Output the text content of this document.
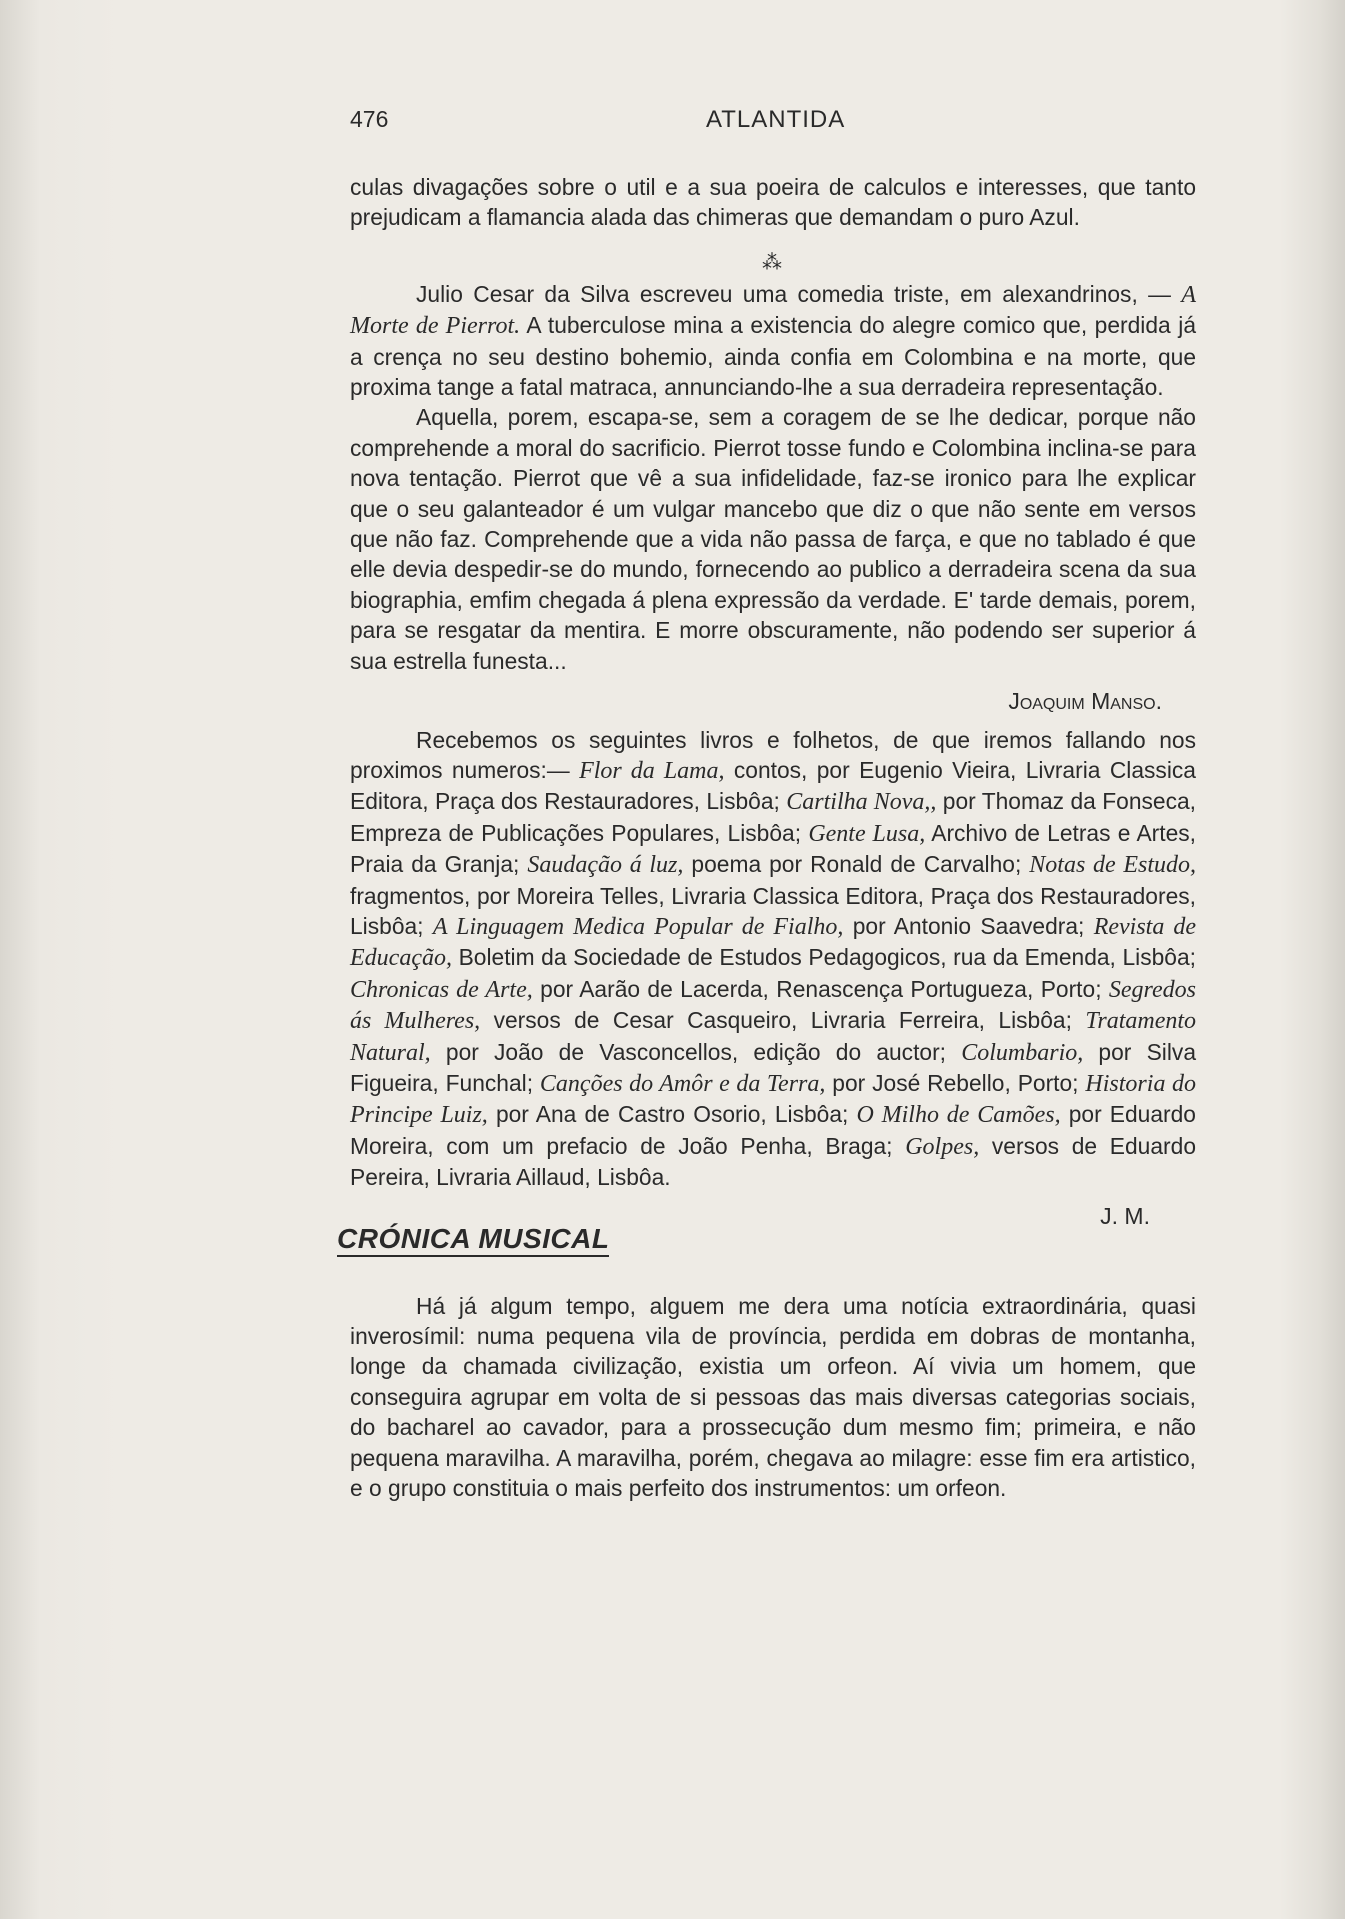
476	ATLANTIDA

culas divagações sobre o util e a sua poeira de calculos e interesses, que tanto prejudicam a flamancia alada das chimeras que demandam o puro Azul.

⁂

Julio Cesar da Silva escreveu uma comedia triste, em alexandrinos, — A Morte de Pierrot. A tuberculose mina a existencia do alegre comico que, perdida já a crença no seu destino bohemio, ainda confia em Colombina e na morte, que proxima tange a fatal matraca, annunciando-lhe a sua derradeira representação.

Aquella, porem, escapa-se, sem a coragem de se lhe dedicar, porque não comprehende a moral do sacrificio. Pierrot tosse fundo e Colombina inclina-se para nova tentação. Pierrot que vê a sua infidelidade, faz-se ironico para lhe explicar que o seu galanteador é um vulgar mancebo que diz o que não sente em versos que não faz. Comprehende que a vida não passa de farça, e que no tablado é que elle devia despedir-se do mundo, fornecendo ao publico a derradeira scena da sua biographia, emfim chegada á plena expressão da verdade. E' tarde demais, porem, para se resgatar da mentira. E morre obscuramente, não podendo ser superior á sua estrella funesta...

Joaquim Manso.

Recebemos os seguintes livros e folhetos, de que iremos fallando nos proximos numeros:— Flor da Lama, contos, por Eugenio Vieira, Livraria Classica Editora, Praça dos Restauradores, Lisbôa; Cartilha Nova,, por Thomaz da Fonseca, Empreza de Publicações Populares, Lisbôa; Gente Lusa, Archivo de Letras e Artes, Praia da Granja; Saudação á luz, poema por Ronald de Carvalho; Notas de Estudo, fragmentos, por Moreira Telles, Livraria Classica Editora, Praça dos Restauradores, Lisbôa; A Linguagem Medica Popular de Fialho, por Antonio Saavedra; Revista de Educação, Boletim da Sociedade de Estudos Pedagogicos, rua da Emenda, Lisbôa; Chronicas de Arte, por Aarão de Lacerda, Renascença Portugueza, Porto; Segredos ás Mulheres, versos de Cesar Casqueiro, Livraria Ferreira, Lisbôa; Tratamento Natural, por João de Vasconcellos, edição do auctor; Columbario, por Silva Figueira, Funchal; Canções do Amôr e da Terra, por José Rebello, Porto; Historia do Principe Luiz, por Ana de Castro Osorio, Lisbôa; O Milho de Camões, por Eduardo Moreira, com um prefacio de João Penha, Braga; Golpes, versos de Eduardo Pereira, Livraria Aillaud, Lisbôa.

J. M.

CRÓNICA MUSICAL

Há já algum tempo, alguem me dera uma notícia extraordinária, quasi inverosímil: numa pequena vila de província, perdida em dobras de montanha, longe da chamada civilização, existia um orfeon. Aí vivia um homem, que conseguira agrupar em volta de si pessoas das mais diversas categorias sociais, do bacharel ao cavador, para a prossecução dum mesmo fim; primeira, e não pequena maravilha. A maravilha, porém, chegava ao milagre: esse fim era artistico, e o grupo constituia o mais perfeito dos instrumentos: um orfeon.
